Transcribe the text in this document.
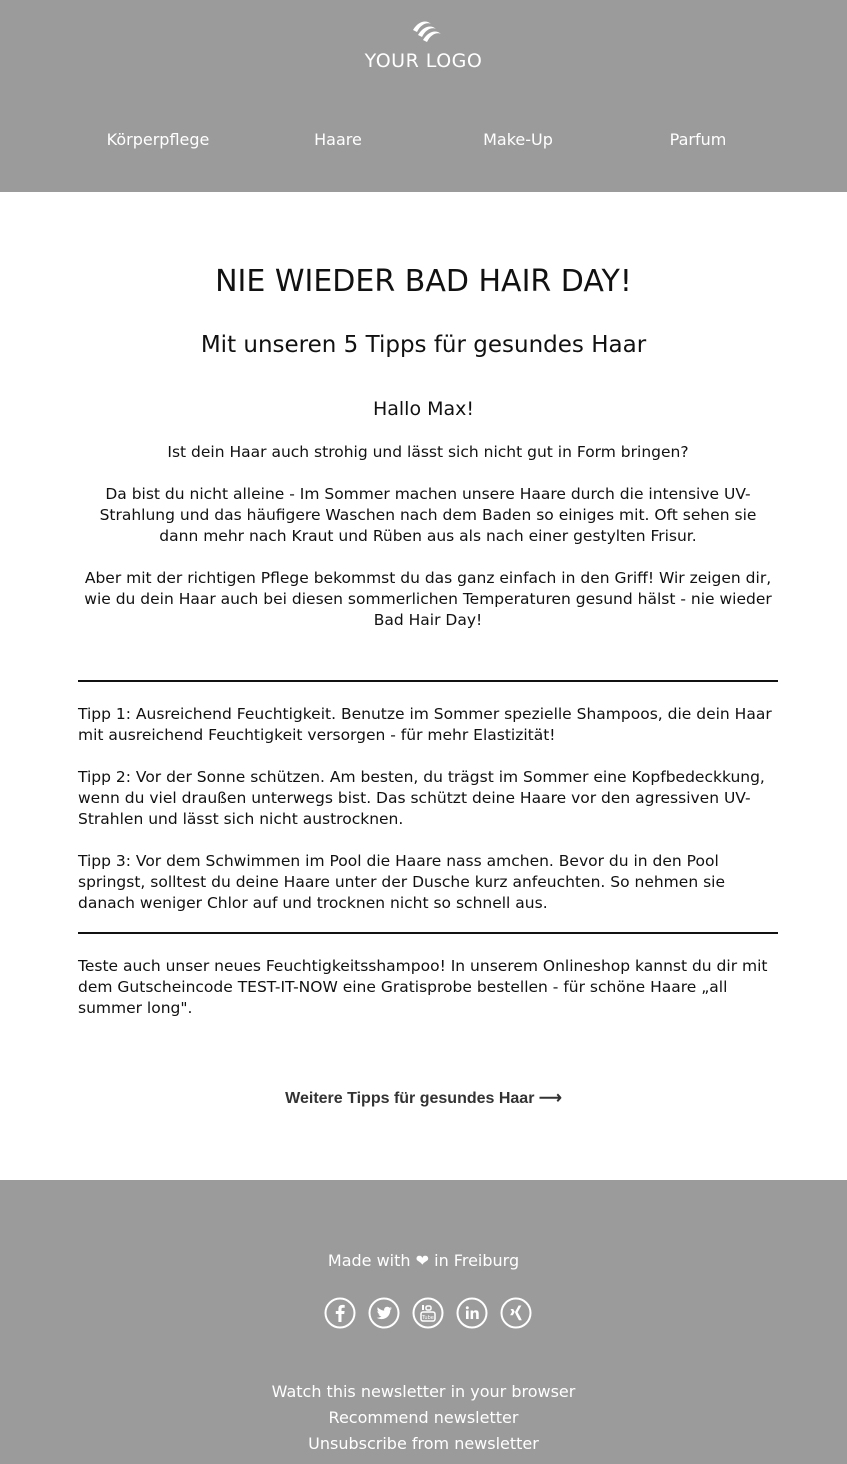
YOUR LOGO
Körperpflege	Haare	Make-Up	Parfum
NIE WIEDER BAD HAIR DAY!
Mit unseren 5 Tipps für gesundes Haar
Hallo Max!

Ist dein Haar auch strohig und lässt sich nicht gut in Form bringen?

Da bist du nicht alleine - Im Sommer machen unsere Haare durch die intensive UV-Strahlung und das häufigere Waschen nach dem Baden so einiges mit. Oft sehen sie dann mehr nach Kraut und Rüben aus als nach einer gestylten Frisur.

Aber mit der richtigen Pflege bekommst du das ganz einfach in den Griff! Wir zeigen dir, wie du dein Haar auch bei diesen sommerlichen Temperaturen gesund hälst - nie wieder Bad Hair Day!

Tipp 1: Ausreichend Feuchtigkeit. Benutze im Sommer spezielle Shampoos, die dein Haar mit ausreichend Feuchtigkeit versorgen - für mehr Elastizität!

Tipp 2: Vor der Sonne schützen. Am besten, du trägst im Sommer eine Kopfbedeckkung, wenn du viel draußen unterwegs bist. Das schützt deine Haare vor den agressiven UV-Strahlen und lässt sich nicht austrocknen.

Tipp 3: Vor dem Schwimmen im Pool die Haare nass amchen. Bevor du in den Pool springst, solltest du deine Haare unter der Dusche kurz anfeuchten. So nehmen sie danach weniger Chlor auf und trocknen nicht so schnell aus.

Teste auch unser neues Feuchtigkeitsshampoo! In unserem Onlineshop kannst du dir mit dem Gutscheincode TEST-IT-NOW eine Gratisprobe bestellen - für schöne Haare „all summer long".

Weitere Tipps für gesundes Haar ⟶
Made with ❤ in Freiburg
Tube
Watch this newsletter in your browser
Recommend newsletter
Unsubscribe from newsletter
